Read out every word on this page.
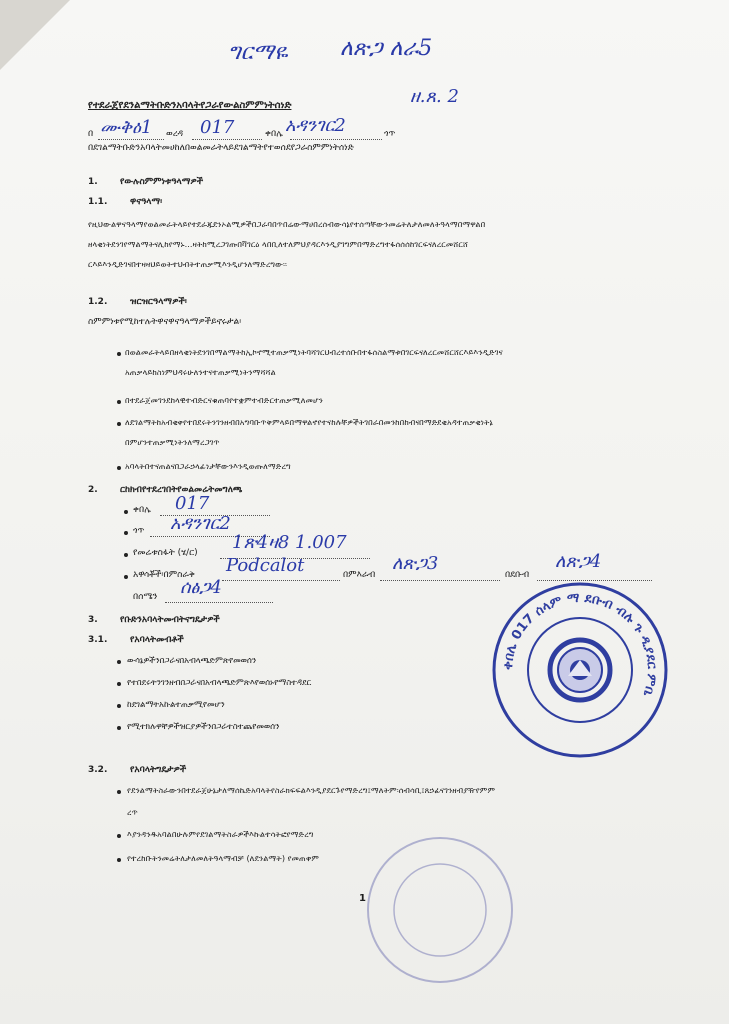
ግርማዬ ለጽጋ ለራ5
ዘ.ጸ. 2
የተደራጀየደንልማትቡድንአባላትየጋራየውልስምምነትሰነድ
በ ሙቅዕ1 ወረዳ 017	ቀበሌ አዳንገር2	ጎጥ
በደገልማትቡድንአባላትመሀከለበወልመራትላይደገልማትየተወሰደየጋራስምምነትሰነድ
1. የውሉስምምነቱዓላማዎች
1.1.	ዋናዓላማ፡
የዚህውልዋናዓላማየወልመራትላይየተደራጁደንኦልሚዎችበጋራባበጥበሬውማሀበረሰብውሳኔየተሰጣቸውንመሬትለታለመለትዓላማበማዋልበ
ዘላቂነትደንገየማልማትናሊከየማኑ...ዛትከሚረጋገጡበቫገርዕ ላበቢለተለምህያዳርእንዲያገግምበማድረግተፋሰሰሰከገርፍናለረርመሸርሸ
ርእይእንዲድገናበተዛዛህይወትተህብትተጠቃሚእንዲሆንለማድረግው፡፡
1.2.	ዝርዝርዓላማዎች፡
ስምምነቱየሚከተሉትዋናዋናዓላማዎችይኖሩታል፡
በወልመራትላይበዘላቂነትደንገበማልማትከኢኮኖሚተጠቃሚነትባሻገርህብረተሰቡበተፋሰስልማቱበገርፍናለረርመሸርሸርእይእንዲድገና
አጠቃላይከስነምህዳሩሁለንተናተጠቃሚነትንማሻሻል
በተደራጀመገንደከላዊተብድርናቁጠባየተቋምተብድርተጠቃሚለመሆን
ለደገልማትከአብቂቀየተበደሩትንገንዘብበአግባቡጥቅምላይበማዋልኖየተናከሉቸዎችትገበራበመንከበከብናበማድደቂአዳተጠቃቂነትኔ
በምሆንተጠቃሚነትንለማረጋገጥ
አባላትበተናጠልናበጋራኃላፊነታቸውንእንዲወጡለማድረግ
2. ርከክብየተደረገበትየወልመሬትመግለጫ
ቀበሌ 017
ጎጥ አዳንገር2
የመሬቱስፋት (ሄ/ር) 1ጽ4ዛ8 1.007
አዋሳቾች፡በምስራቅ Podcalot	በምእራብ
ለጽጋ3
በደቡብ
ለጽጋ4
በሰሜን ሰፅጋ4
3. የቡድንአባላትመብትናግዴታዎች
3.1.	የአባላትመብቶች
ውሳኔዎችንበጋራናበአብላጫድምጽየመወሰን
የተበደሩትንገንዘብበጋራናበአብላጫድምጽእየወሰኑየማስተዳደር
ከደገልማትአኩልተጠቃሚየመሆን
የሚተክሉዋቸዎችዝርያዎችንበጋራተስተጨየመወሰን
3.2.	የአባላትግዴታዎች
የደንልማትስራውንበተደራጀሁኔታለማሰኬድአባላትየስራክፍፍልእንዲያደርጉየማድረግ፤ማለትም፡ሰብሳቢ፤ጸኃፊናገንዘብያዥየምም
ረጥ
እያንዳንዱአባልበሁሉምየደገልማትስራዎችእኩልተሳትፎየማድረግ
የተረከቡትንመሬትለታለመለትዓላማብቻ (ለደንልማት) የመጠቀም
ቀበሌ 017 ሰላም ማ ደቡብ ብሉ ጉ ዲያደር ምቤ
1
